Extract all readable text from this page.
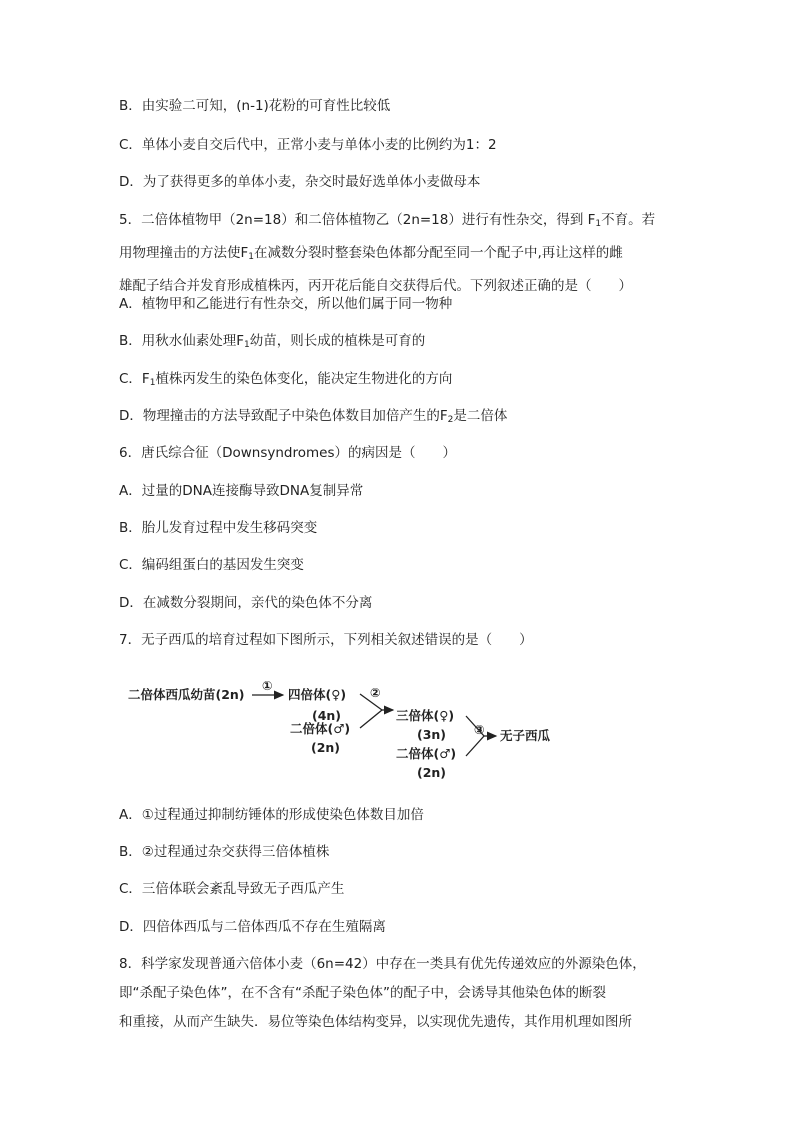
B．由实验二可知，(n-1)花粉的可育性比较低
C．单体小麦自交后代中，正常小麦与单体小麦的比例约为1：2
D．为了获得更多的单体小麦，杂交时最好选单体小麦做母本
5．二倍体植物甲（2n=18）和二倍体植物乙（2n=18）进行有性杂交，得到 $F_1$不育。若
用物理撞击的方法使$F_1$在减数分裂时整套染色体都分配至同一个配子中,再让这样的雌
雄配子结合并发育形成植株丙，丙开花后能自交获得后代。下列叙述正确的是（　　）
A．植物甲和乙能进行有性杂交，所以他们属于同一物种
B．用秋水仙素处理$F_1$幼苗，则长成的植株是可育的
C．$F_1$植株丙发生的染色体变化，能决定生物进化的方向
D．物理撞击的方法导致配子中染色体数目加倍产生的$F_2$是二倍体
6．唐氏综合征（Downsyndromes）的病因是（　　）
A．过量的DNA连接酶导致DNA复制异常
B．胎儿发育过程中发生移码突变
C．编码组蛋白的基因发生突变
D．在减数分裂期间，亲代的染色体不分离
7．无子西瓜的培育过程如下图所示，下列相关叙述错误的是（　　）
二倍体西瓜幼苗(2n)
①
四倍体(♀)
(4n)
二倍体(♂)
(2n)
②
三倍体(♀)
(3n)
二倍体(♂)
(2n)
③ 无子西瓜
A．①过程通过抑制纺锤体的形成使染色体数目加倍
B．②过程通过杂交获得三倍体植株
C．三倍体联会紊乱导致无子西瓜产生
D．四倍体西瓜与二倍体西瓜不存在生殖隔离
8．科学家发现普通六倍体小麦（6n=42）中存在一类具有优先传递效应的外源染色体，
即“杀配子染色体”，在不含有“杀配子染色体”的配子中，会诱导其他染色体的断裂
和重接，从而产生缺失．易位等染色体结构变异，以实现优先遗传，其作用机理如图所
